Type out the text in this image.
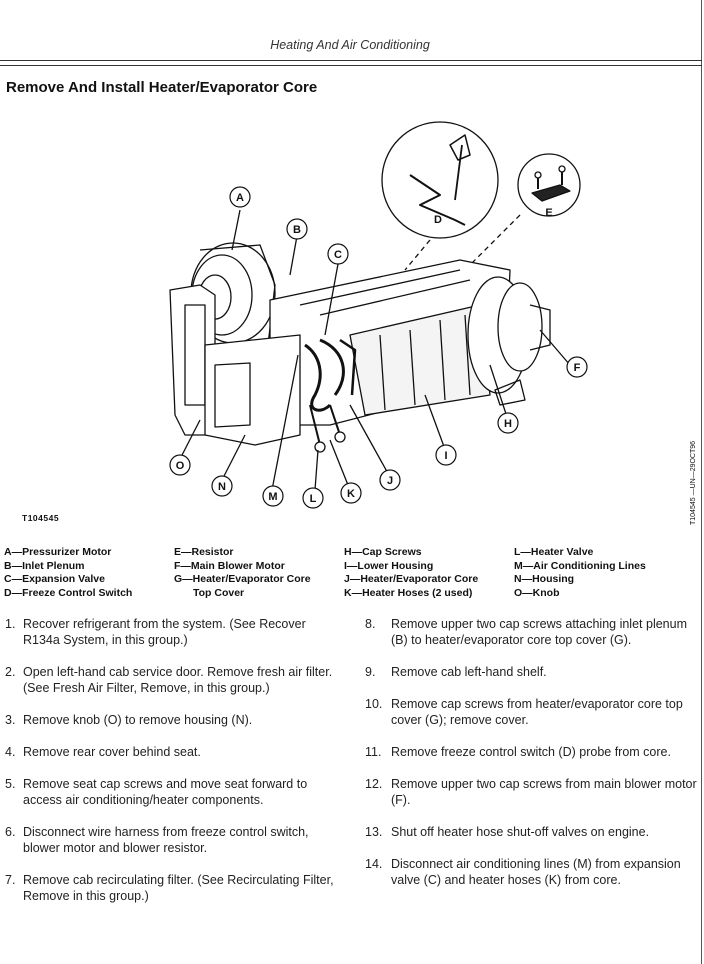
Heating And Air Conditioning
Remove And Install Heater/Evaporator Core
A
B
C
D
E
F
H
I
J
K
L
M
N
O
T104545	T104545 —UN—29OCT96
A—Pressurizer Motor
B—Inlet Plenum
C—Expansion Valve
D—Freeze Control Switch
E—Resistor
F—Main Blower Motor
G—Heater/Evaporator Core
Top Cover
H—Cap Screws
I—Lower Housing
J—Heater/Evaporator Core
K—Heater Hoses (2 used)
L—Heater Valve
M—Air Conditioning Lines
N—Housing
O—Knob
1. Recover refrigerant from the system. (See Recover R134a System, in this group.)
2. Open left-hand cab service door. Remove fresh air filter. (See Fresh Air Filter, Remove, in this group.)
3. Remove knob (O) to remove housing (N).
4. Remove rear cover behind seat.
5. Remove seat cap screws and move seat forward to access air conditioning/heater components.
6. Disconnect wire harness from freeze control switch, blower motor and blower resistor.
7. Remove cab recirculating filter. (See Recirculating Filter, Remove in this group.)
8. Remove upper two cap screws attaching inlet plenum (B) to heater/evaporator core top cover (G).
9. Remove cab left-hand shelf.
10. Remove cap screws from heater/evaporator core top cover (G); remove cover.
11. Remove freeze control switch (D) probe from core.
12. Remove upper two cap screws from main blower motor (F).
13. Shut off heater hose shut-off valves on engine.
14. Disconnect air conditioning lines (M) from expansion valve (C) and heater hoses (K) from core.
